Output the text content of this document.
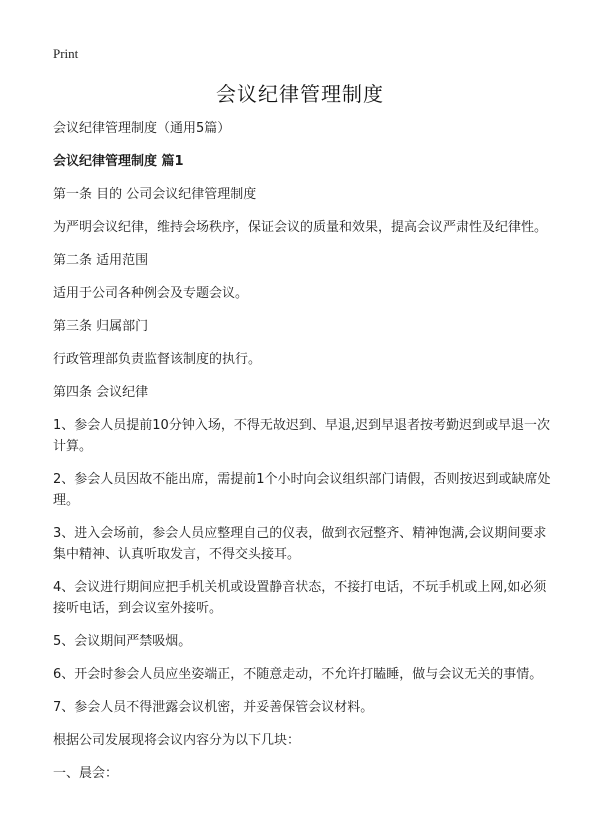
Print
会议纪律管理制度

会议纪律管理制度（通用5篇）

会议纪律管理制度 篇1

第一条 目的 公司会议纪律管理制度

为严明会议纪律，维持会场秩序，保证会议的质量和效果，提高会议严肃性及纪律性。

第二条 适用范围

适用于公司各种例会及专题会议。

第三条 归属部门

行政管理部负责监督该制度的执行。

第四条 会议纪律

1、参会人员提前10分钟入场，不得无故迟到、早退,迟到早退者按考勤迟到或早退一次计算。

2、参会人员因故不能出席，需提前1个小时向会议组织部门请假，否则按迟到或缺席处理。

3、进入会场前，参会人员应整理自己的仪表，做到衣冠整齐、精神饱满,会议期间要求集中精神、认真听取发言，不得交头接耳。

4、会议进行期间应把手机关机或设置静音状态，不接打电话，不玩手机或上网,如必须接听电话，到会议室外接听。

5、会议期间严禁吸烟。

6、开会时参会人员应坐姿端正，不随意走动，不允许打瞌睡，做与会议无关的事情。

7、参会人员不得泄露会议机密，并妥善保管会议材料。

根据公司发展现将会议内容分为以下几块：

一、晨会：
